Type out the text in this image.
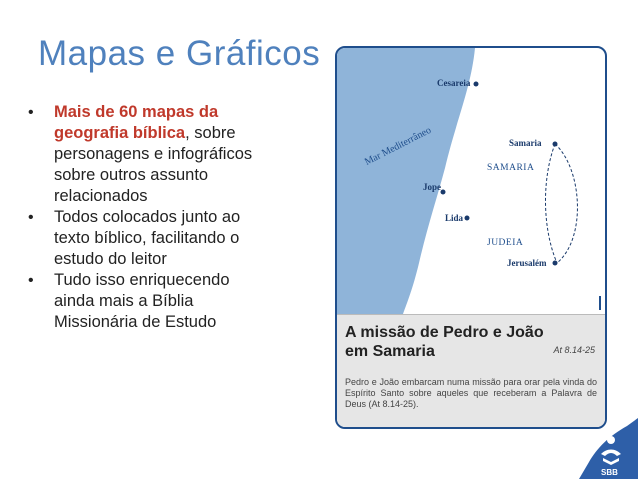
Mapas e Gráficos
• Mais de 60 mapas da geografia bíblica, sobre personagens e infográficos sobre outros assunto relacionados
• Todos colocados junto ao texto bíblico, facilitando o estudo do leitor
• Tudo isso enriquecendo ainda mais a Bíblia Missionária de Estudo
Mar Mediterrâneo
Cesareia
Samaria
Jope
Lida
Jerusalém
SAMARIA
JUDEIA
A missão de Pedro e João
em Samaria	At 8.14-25
Pedro e João embarcam numa missão para orar pela vinda do Espírito Santo sobre aqueles que receberam a Palavra de Deus (At 8.14-25).
SBB
